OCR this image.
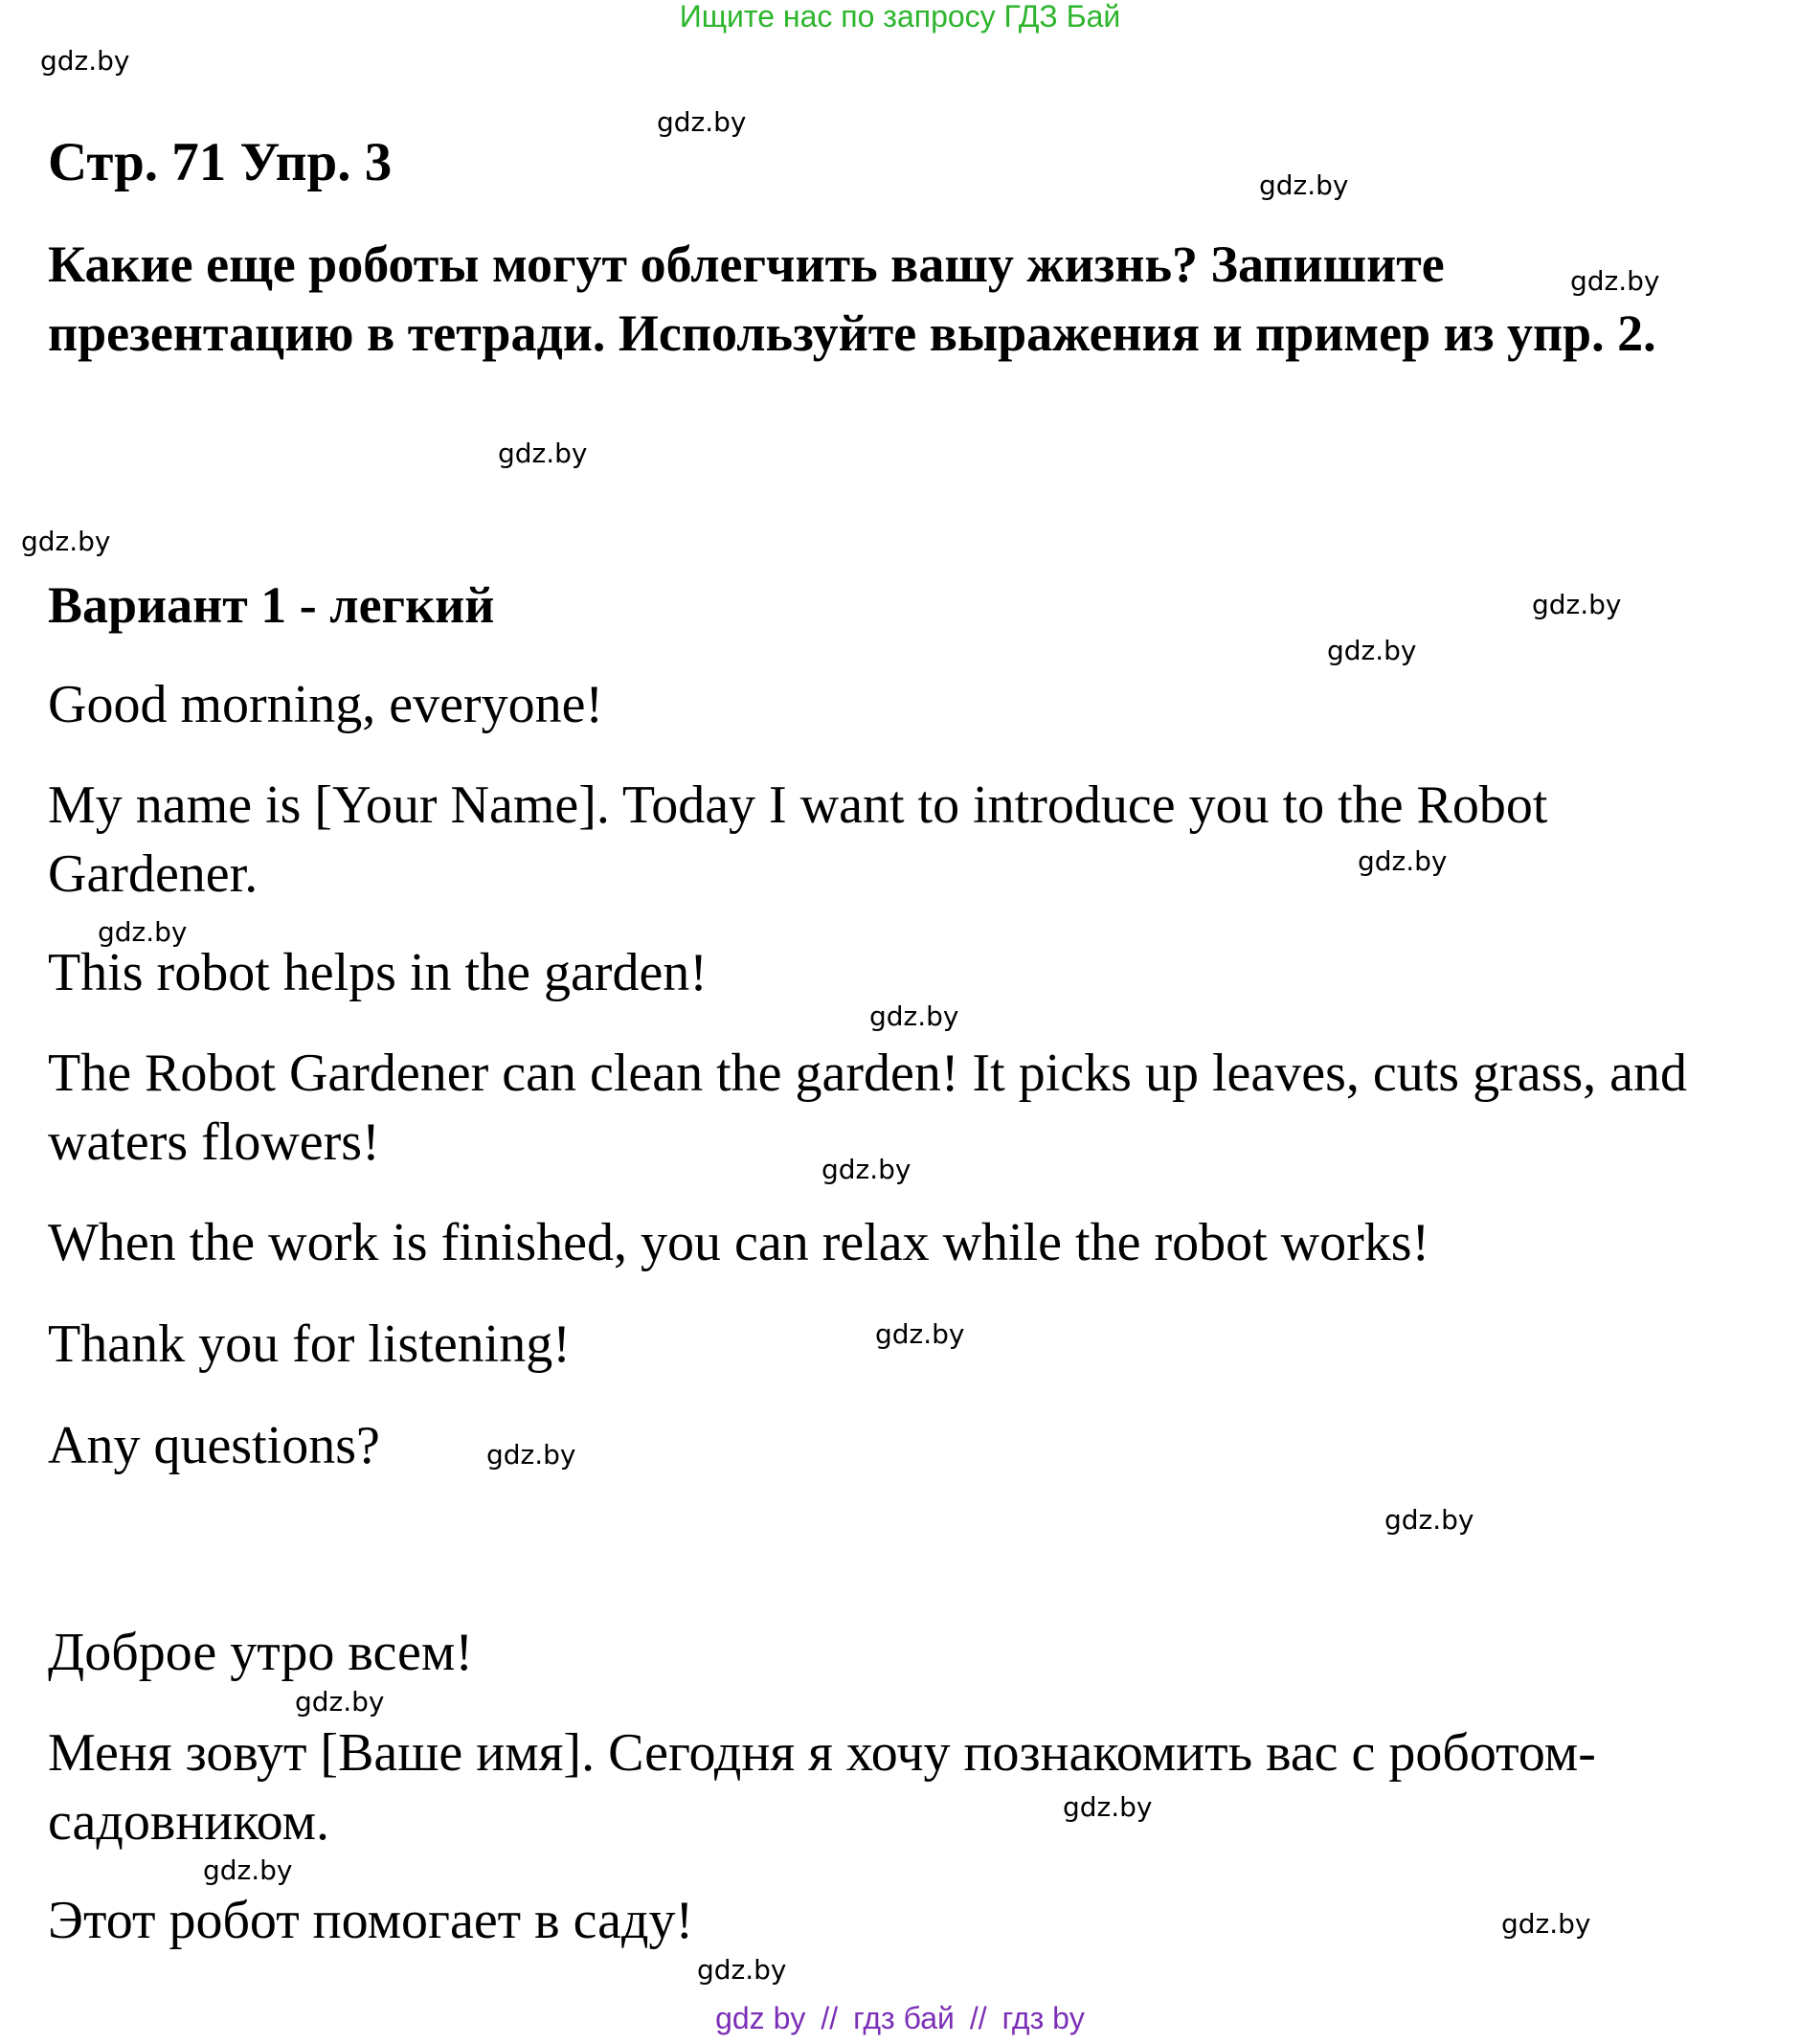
Ищите нас по запросу ГДЗ Бай
gdz.by
gdz.by
gdz.by
gdz.by
gdz.by
gdz.by
gdz.by
gdz.by
gdz.by
gdz.by
gdz.by
gdz.by
gdz.by
gdz.by
gdz.by
gdz.by
gdz.by
gdz.by
gdz.by
gdz.by
Стр. 71 Упр. 3

Какие еще роботы могут облегчить вашу жизнь? Запишите презентацию в тетради. Используйте выражения и пример из упр. 2.

Вариант 1 - легкий

Good morning, everyone!

My name is [Your Name]. Today I want to introduce you to the Robot Gardener.

This robot helps in the garden!

The Robot Gardener can clean the garden! It picks up leaves, cuts grass, and waters flowers!

When the work is finished, you can relax while the robot works!

Thank you for listening!

Any questions?

Доброе утро всем!

Меня зовут [Ваше имя]. Сегодня я хочу познакомить вас с роботом-садовником.

Этот робот помогает в саду!

gdz by // гдз бай // гдз by
